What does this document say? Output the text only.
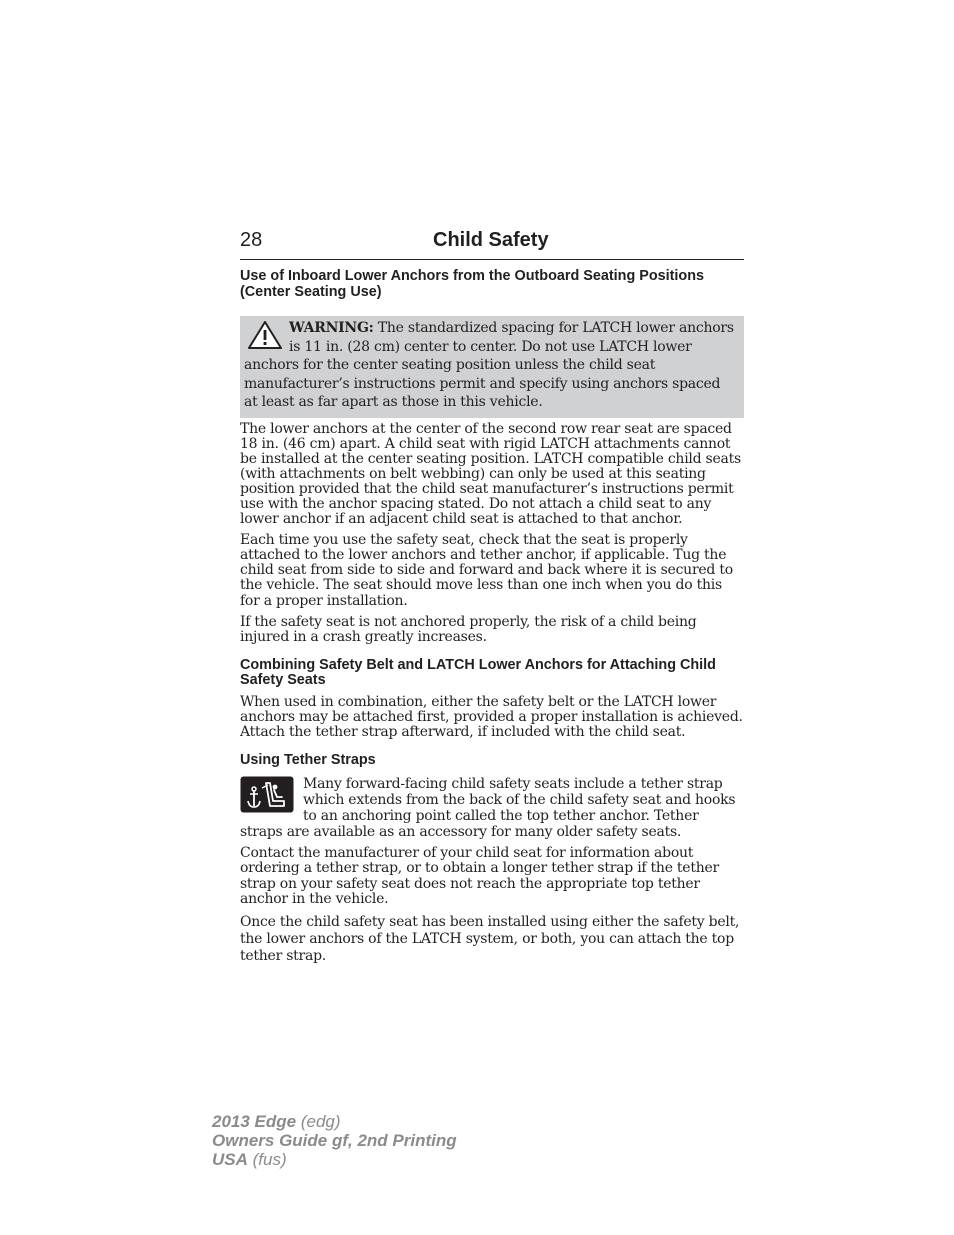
28	Child Safety
Use of Inboard Lower Anchors from the Outboard Seating Positions (Center Seating Use)
WARNING: The standardized spacing for LATCH lower anchors is 11 in. (28 cm) center to center. Do not use LATCH lower anchors for the center seating position unless the child seat manufacturer’s instructions permit and specify using anchors spaced at least as far apart as those in this vehicle.

The lower anchors at the center of the second row rear seat are spaced 18 in. (46 cm) apart. A child seat with rigid LATCH attachments cannot be installed at the center seating position. LATCH compatible child seats (with attachments on belt webbing) can only be used at this seating position provided that the child seat manufacturer’s instructions permit use with the anchor spacing stated. Do not attach a child seat to any lower anchor if an adjacent child seat is attached to that anchor.

Each time you use the safety seat, check that the seat is properly attached to the lower anchors and tether anchor, if applicable. Tug the child seat from side to side and forward and back where it is secured to the vehicle. The seat should move less than one inch when you do this for a proper installation.

If the safety seat is not anchored properly, the risk of a child being injured in a crash greatly increases.

Combining Safety Belt and LATCH Lower Anchors for Attaching Child Safety Seats

When used in combination, either the safety belt or the LATCH lower anchors may be attached first, provided a proper installation is achieved. Attach the tether strap afterward, if included with the child seat.

Using Tether Straps

Many forward-facing child safety seats include a tether strap which extends from the back of the child safety seat and hooks to an anchoring point called the top tether anchor. Tether straps are available as an accessory for many older safety seats.

Contact the manufacturer of your child seat for information about ordering a tether strap, or to obtain a longer tether strap if the tether strap on your safety seat does not reach the appropriate top tether anchor in the vehicle.

Once the child safety seat has been installed using either the safety belt, the lower anchors of the LATCH system, or both, you can attach the top tether strap.

2013 Edge (edg)
Owners Guide gf, 2nd Printing
USA (fus)
